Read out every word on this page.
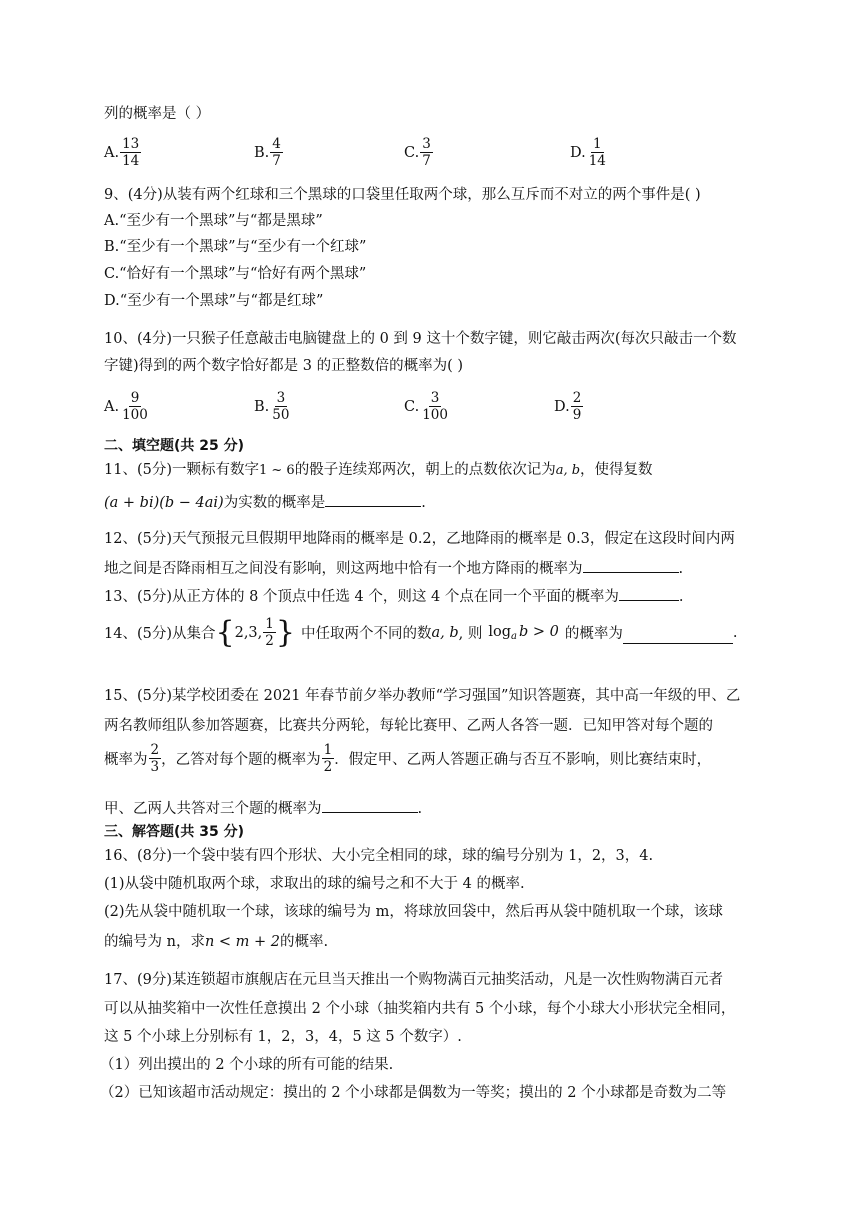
列的概率是（ ）
A. $\frac{13}{14}$	B. $\frac{4}{7}$	C. $\frac{3}{7}$	D. $\frac{1}{14}$
9、(4分)从装有两个红球和三个黑球的口袋里任取两个球，那么互斥而不对立的两个事件是( )
A.“至少有一个黑球”与“都是黑球”
B.“至少有一个黑球”与“至少有一个红球”
C.“恰好有一个黑球”与“恰好有两个黑球”
D.“至少有一个黑球”与“都是红球”
10、(4分)一只猴子任意敲击电脑键盘上的 0 到 9 这十个数字键，则它敲击两次(每次只敲击一个数
字键)得到的两个数字恰好都是 3 的正整数倍的概率为( )
A. $\frac{9}{100}$	B. $\frac{3}{50}$	C. $\frac{3}{100}$	D. $\frac{2}{9}$
二、填空题(共 25 分)
11、(5分)一颗标有数字1 ~ 6的骰子连续郑两次，朝上的点数依次记为a, b，使得复数
(a + bi)(b − 4ai)为实数的概率是	.
12、(5分)天气预报元旦假期甲地降雨的概率是 0.2，乙地降雨的概率是 0.3，假定在这段时间内两
地之间是否降雨相互之间没有影响，则这两地中恰有一个地方降雨的概率为	.
13、(5分)从正方体的 8 个顶点中任选 4 个，则这 4 个点在同一个平面的概率为	.
14、(5分)从集合 { 2,3, $\frac{1}{2}$ } 中任取两个不同的数 a, b , 则 $\log_a b > 0$ 的概率为	.
15、(5分)某学校团委在 2021 年春节前夕举办教师“学习强国”知识答题赛，其中高一年级的甲、乙
两名教师组队参加答题赛，比赛共分两轮，每轮比赛甲、乙两人各答一题．已知甲答对每个题的
概率为 $\frac{2}{3}$ ，乙答对每个题的概率为 $\frac{1}{2}$ ．假定甲、乙两人答题正确与否互不影响，则比赛结束时，
甲、乙两人共答对三个题的概率为	.
三、解答题(共 35 分)
16、(8分)一个袋中装有四个形状、大小完全相同的球，球的编号分别为 1，2，3，4.
(1)从袋中随机取两个球，求取出的球的编号之和不大于 4 的概率.
(2)先从袋中随机取一个球，该球的编号为 m，将球放回袋中，然后再从袋中随机取一个球，该球
的编号为 n，求n < m + 2的概率.
17、(9分)某连锁超市旗舰店在元旦当天推出一个购物满百元抽奖活动，凡是一次性购物满百元者
可以从抽奖箱中一次性任意摸出 2 个小球（抽奖箱内共有 5 个小球，每个小球大小形状完全相同，
这 5 个小球上分别标有 1，2，3，4，5 这 5 个数字）.
（1）列出摸出的 2 个小球的所有可能的结果.
（2）已知该超市活动规定：摸出的 2 个小球都是偶数为一等奖；摸出的 2 个小球都是奇数为二等
